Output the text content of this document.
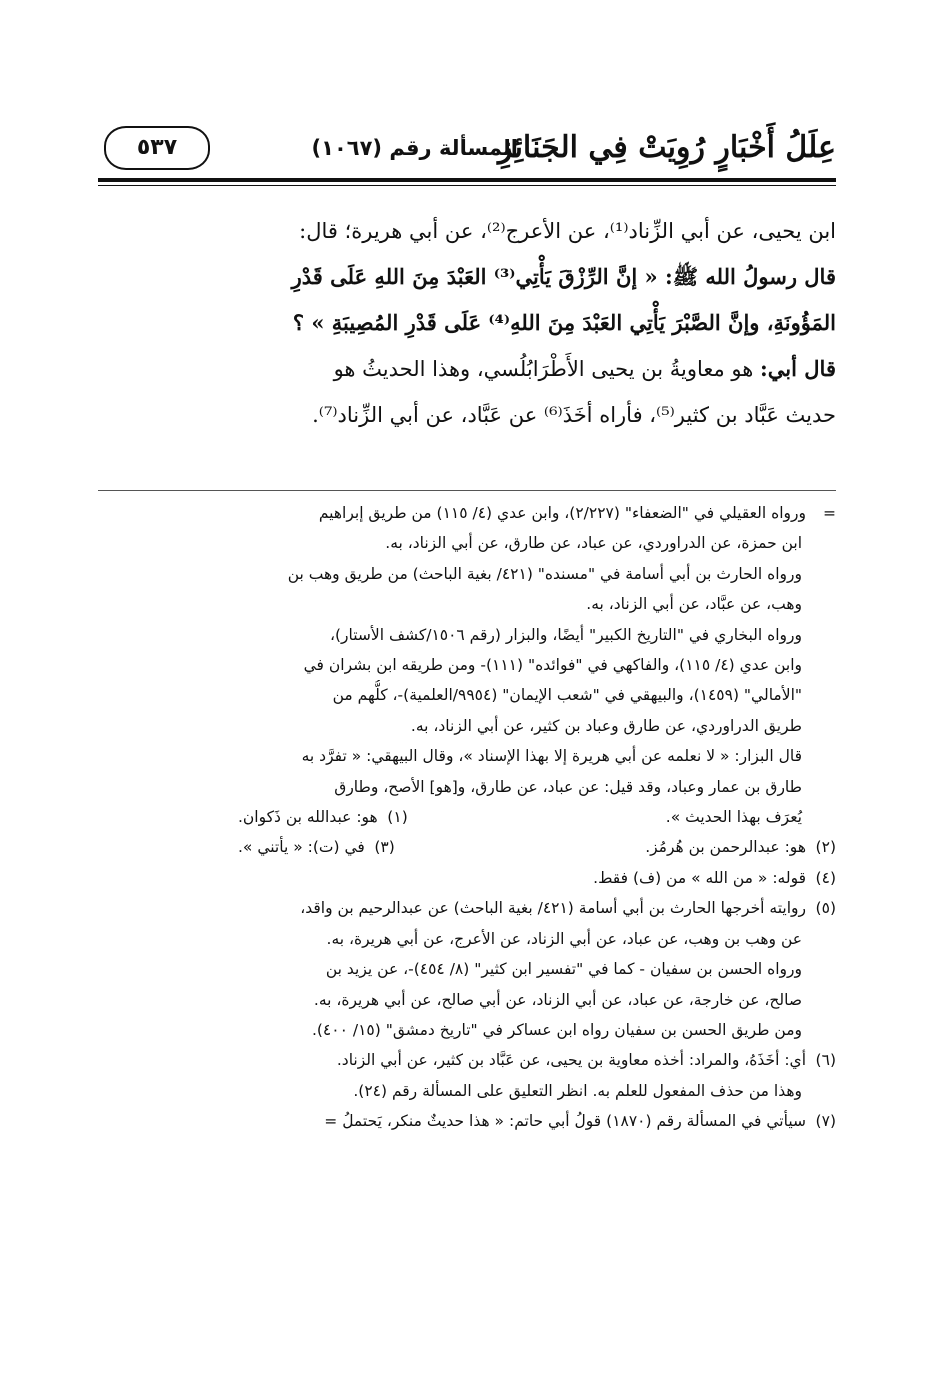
عِلَلُ أَخْبَارٍ رُوِيَتْ فِي الجَنَائِزِ
المسألة رقم (١٠٦٧)
٥٣٧

ابن يحيى، عن أبي الزِّناد⁽¹⁾، عن الأعرج⁽²⁾، عن أبي هريرة؛ قال:

قال رسولُ الله ﷺ: « إنَّ الرِّزْقَ يَأْتِي⁽³⁾ العَبْدَ مِنَ اللهِ عَلَى قَدْرِ

المَؤُونَةِ، وإنَّ الصَّبْرَ يَأْتِي العَبْدَ مِنَ اللهِ⁽⁴⁾ عَلَى قَدْرِ المُصِيبَةِ » ؟

قال أبي: هو معاويةُ بن يحيى الأَطْرَابُلُسي، وهذا الحديثُ هو

حديث عَبَّاد بن كثير⁽⁵⁾، فأراه أخَذَ⁽⁶⁾ عن عَبَّاد، عن أبي الزِّناد⁽⁷⁾.

=ورواه العقيلي في "الضعفاء" (٢/٢٢٧)، وابن عدي (٤/ ١١٥) من طريق إبراهيم
ابن حمزة، عن الدراوردي، عن عباد، عن طارق، عن أبي الزناد، به.
ورواه الحارث بن أبي أسامة في "مسنده" (٤٢١/ بغية الباحث) من طريق وهب بن
وهب، عن عبَّاد، عن أبي الزناد، به.
ورواه البخاري في "التاريخ الكبير" أيضًا، والبزار (رقم ١٥٠٦/كشف الأستار)،
وابن عدي (٤/ ١١٥)، والفاكهي في "فوائده" (١١١)- ومن طريقه ابن بشران في
"الأمالي" (١٤٥٩)، والبيهقي في "شعب الإيمان" (٩٩٥٤/العلمية)-، كلُّهم من
طريق الدراوردي، عن طارق وعباد بن كثير، عن أبي الزناد، به.
قال البزار: « لا نعلمه عن أبي هريرة إلا بهذا الإسناد »، وقال البيهقي: « تفرَّد به
طارق بن عمار وعباد، وقد قيل: عن عباد، عن طارق، و[هو] الأصح، وطارق
يُعرَف بهذا الحديث ».
(١)هو: عبدالله بن ذَكوان.
(٢)هو: عبدالرحمن بن هُرمُز.
(٣)في (ت): « يأتني ».
(٤)قوله: « من الله » من (ف) فقط.
(٥)روايته أخرجها الحارث بن أبي أسامة (٤٢١/ بغية الباحث) عن عبدالرحيم بن واقد،
عن وهب بن وهب، عن عباد، عن أبي الزناد، عن الأعرج، عن أبي هريرة، به.
ورواه الحسن بن سفيان - كما في "تفسير ابن كثير" (٨/ ٤٥٤)-، عن يزيد بن
صالح، عن خارجة، عن عباد، عن أبي الزناد، عن أبي صالح، عن أبي هريرة، به.
ومن طريق الحسن بن سفيان رواه ابن عساكر في "تاريخ دمشق" (١٥/ ٤٠٠).
(٦)أي: أخَذَهُ، والمراد: أخذه معاوية بن يحيى، عن عَبَّاد بن كثير، عن أبي الزناد.
وهذا من حذف المفعول للعلم به. انظر التعليق على المسألة رقم (٢٤).
(٧)سيأتي في المسألة رقم (١٨٧٠) قولُ أبي حاتم: « هذا حديثٌ منكر، يَحتملُ =
